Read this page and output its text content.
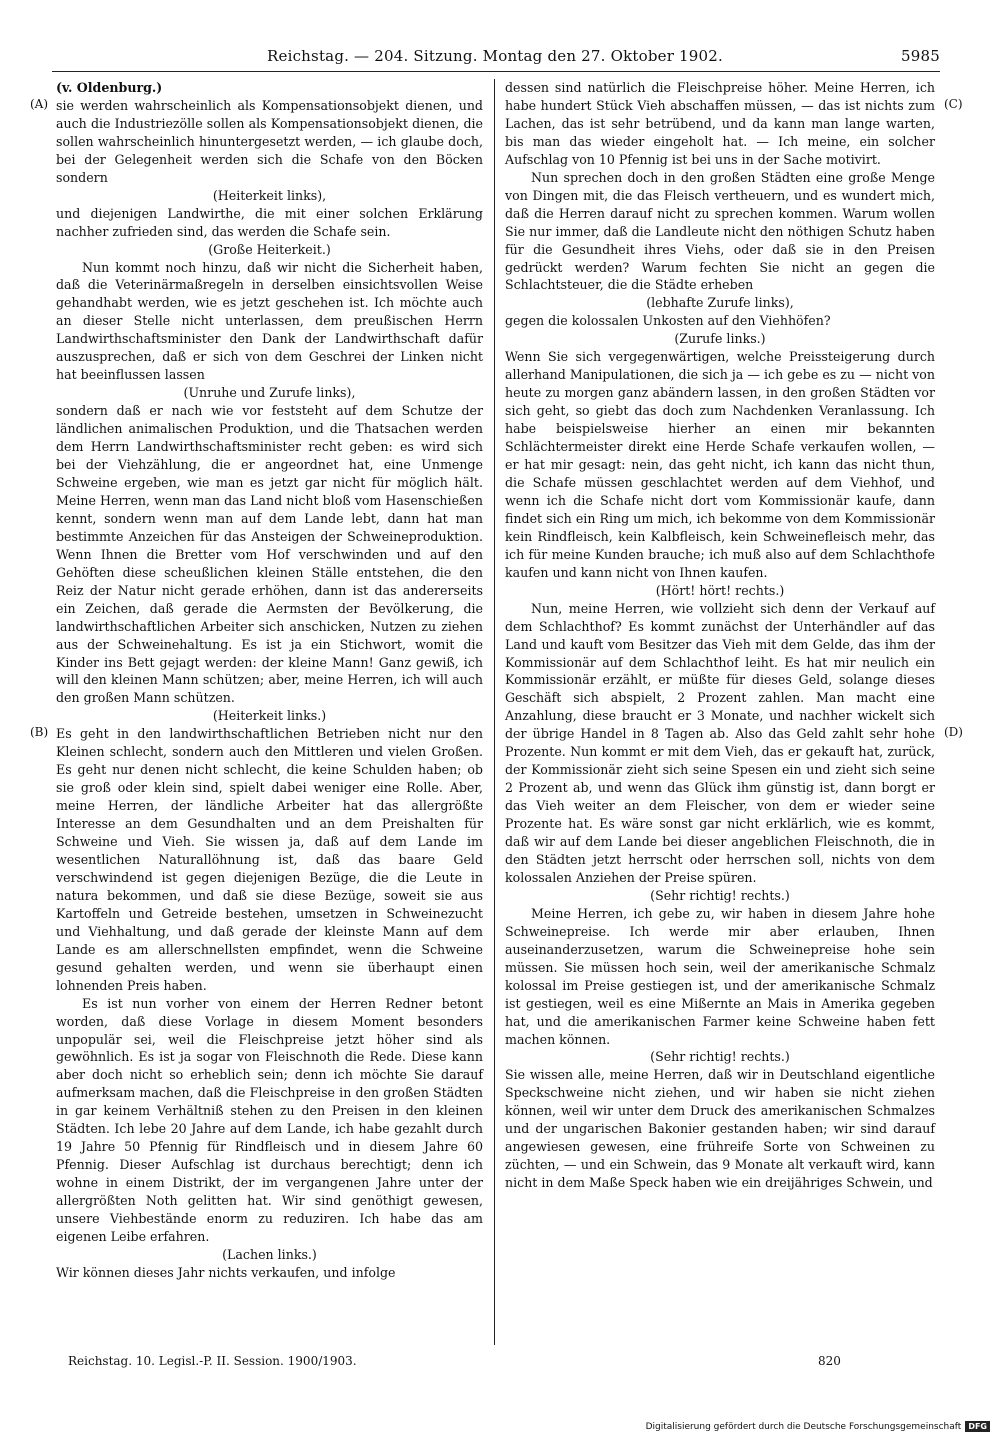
Reichstag. — 204. Sitzung. Montag den 27. Oktober 1902.	5985

(v. Oldenburg.)

sie werden wahrscheinlich als Kompensationsobjekt dienen, und auch die Industriezölle sollen als Kompensationsobjekt dienen, die sollen wahrscheinlich hinuntergesetzt werden, — ich glaube doch, bei der Gelegenheit werden sich die Schafe von den Böcken sondern

(Heiterkeit links),

und diejenigen Landwirthe, die mit einer solchen Erklärung nachher zufrieden sind, das werden die Schafe sein.

(Große Heiterkeit.)

Nun kommt noch hinzu, daß wir nicht die Sicherheit haben, daß die Veterinärmaßregeln in derselben einsichtsvollen Weise gehandhabt werden, wie es jetzt geschehen ist. Ich möchte auch an dieser Stelle nicht unterlassen, dem preußischen Herrn Landwirthschaftsminister den Dank der Landwirthschaft dafür auszusprechen, daß er sich von dem Geschrei der Linken nicht hat beeinflussen lassen

(Unruhe und Zurufe links),

sondern daß er nach wie vor feststeht auf dem Schutze der ländlichen animalischen Produktion, und die Thatsachen werden dem Herrn Landwirthschaftsminister recht geben: es wird sich bei der Viehzählung, die er angeordnet hat, eine Unmenge Schweine ergeben, wie man es jetzt gar nicht für möglich hält. Meine Herren, wenn man das Land nicht bloß vom Hasenschießen kennt, sondern wenn man auf dem Lande lebt, dann hat man bestimmte Anzeichen für das Ansteigen der Schweineproduktion. Wenn Ihnen die Bretter vom Hof verschwinden und auf den Gehöften diese scheußlichen kleinen Ställe entstehen, die den Reiz der Natur nicht gerade erhöhen, dann ist das andererseits ein Zeichen, daß gerade die Aermsten der Bevölkerung, die landwirthschaftlichen Arbeiter sich anschicken, Nutzen zu ziehen aus der Schweinehaltung. Es ist ja ein Stichwort, womit die Kinder ins Bett gejagt werden: der kleine Mann! Ganz gewiß, ich will den kleinen Mann schützen; aber, meine Herren, ich will auch den großen Mann schützen.

(Heiterkeit links.)

Es geht in den landwirthschaftlichen Betrieben nicht nur den Kleinen schlecht, sondern auch den Mittleren und vielen Großen. Es geht nur denen nicht schlecht, die keine Schulden haben; ob sie groß oder klein sind, spielt dabei weniger eine Rolle. Aber, meine Herren, der ländliche Arbeiter hat das allergrößte Interesse an dem Gesundhalten und an dem Preishalten für Schweine und Vieh. Sie wissen ja, daß auf dem Lande im wesentlichen Naturallöhnung ist, daß das baare Geld verschwindend ist gegen diejenigen Bezüge, die die Leute in natura bekommen, und daß sie diese Bezüge, soweit sie aus Kartoffeln und Getreide bestehen, umsetzen in Schweinezucht und Viehhaltung, und daß gerade der kleinste Mann auf dem Lande es am allerschnellsten empfindet, wenn die Schweine gesund gehalten werden, und wenn sie überhaupt einen lohnenden Preis haben.

Es ist nun vorher von einem der Herren Redner betont worden, daß diese Vorlage in diesem Moment besonders unpopulär sei, weil die Fleischpreise jetzt höher sind als gewöhnlich. Es ist ja sogar von Fleischnoth die Rede. Diese kann aber doch nicht so erheblich sein; denn ich möchte Sie darauf aufmerksam machen, daß die Fleischpreise in den großen Städten in gar keinem Verhältniß stehen zu den Preisen in den kleinen Städten. Ich lebe 20 Jahre auf dem Lande, ich habe gezahlt durch 19 Jahre 50 Pfennig für Rindfleisch und in diesem Jahre 60 Pfennig. Dieser Aufschlag ist durchaus berechtigt; denn ich wohne in einem Distrikt, der im vergangenen Jahre unter der allergrößten Noth gelitten hat. Wir sind genöthigt gewesen, unsere Viehbestände enorm zu reduziren. Ich habe das am eigenen Leibe erfahren.

(Lachen links.)

Wir können dieses Jahr nichts verkaufen, und infolge

dessen sind natürlich die Fleischpreise höher. Meine Herren, ich habe hundert Stück Vieh abschaffen müssen, — das ist nichts zum Lachen, das ist sehr betrübend, und da kann man lange warten, bis man das wieder eingeholt hat. — Ich meine, ein solcher Aufschlag von 10 Pfennig ist bei uns in der Sache motivirt.

Nun sprechen doch in den großen Städten eine große Menge von Dingen mit, die das Fleisch vertheuern, und es wundert mich, daß die Herren darauf nicht zu sprechen kommen. Warum wollen Sie nur immer, daß die Landleute nicht den nöthigen Schutz haben für die Gesundheit ihres Viehs, oder daß sie in den Preisen gedrückt werden? Warum fechten Sie nicht an gegen die Schlachtsteuer, die die Städte erheben

(lebhafte Zurufe links),

gegen die kolossalen Unkosten auf den Viehhöfen?

(Zurufe links.)

Wenn Sie sich vergegenwärtigen, welche Preissteigerung durch allerhand Manipulationen, die sich ja — ich gebe es zu — nicht von heute zu morgen ganz abändern lassen, in den großen Städten vor sich geht, so giebt das doch zum Nachdenken Veranlassung. Ich habe beispielsweise hierher an einen mir bekannten Schlächtermeister direkt eine Herde Schafe verkaufen wollen, — er hat mir gesagt: nein, das geht nicht, ich kann das nicht thun, die Schafe müssen geschlachtet werden auf dem Viehhof, und wenn ich die Schafe nicht dort vom Kommissionär kaufe, dann findet sich ein Ring um mich, ich bekomme von dem Kommissionär kein Rindfleisch, kein Kalbfleisch, kein Schweinefleisch mehr, das ich für meine Kunden brauche; ich muß also auf dem Schlachthofe kaufen und kann nicht von Ihnen kaufen.

(Hört! hört! rechts.)

Nun, meine Herren, wie vollzieht sich denn der Verkauf auf dem Schlachthof? Es kommt zunächst der Unterhändler auf das Land und kauft vom Besitzer das Vieh mit dem Gelde, das ihm der Kommissionär auf dem Schlachthof leiht. Es hat mir neulich ein Kommissionär erzählt, er müßte für dieses Geld, solange dieses Geschäft sich abspielt, 2 Prozent zahlen. Man macht eine Anzahlung, diese braucht er 3 Monate, und nachher wickelt sich der übrige Handel in 8 Tagen ab. Also das Geld zahlt sehr hohe Prozente. Nun kommt er mit dem Vieh, das er gekauft hat, zurück, der Kommissionär zieht sich seine Spesen ein und zieht sich seine 2 Prozent ab, und wenn das Glück ihm günstig ist, dann borgt er das Vieh weiter an dem Fleischer, von dem er wieder seine Prozente hat. Es wäre sonst gar nicht erklärlich, wie es kommt, daß wir auf dem Lande bei dieser angeblichen Fleischnoth, die in den Städten jetzt herrscht oder herrschen soll, nichts von dem kolossalen Anziehen der Preise spüren.

(Sehr richtig! rechts.)

Meine Herren, ich gebe zu, wir haben in diesem Jahre hohe Schweinepreise. Ich werde mir aber erlauben, Ihnen auseinanderzusetzen, warum die Schweinepreise hohe sein müssen. Sie müssen hoch sein, weil der amerikanische Schmalz kolossal im Preise gestiegen ist, und der amerikanische Schmalz ist gestiegen, weil es eine Mißernte an Mais in Amerika gegeben hat, und die amerikanischen Farmer keine Schweine haben fett machen können.

(Sehr richtig! rechts.)

Sie wissen alle, meine Herren, daß wir in Deutschland eigentliche Speckschweine nicht ziehen, und wir haben sie nicht ziehen können, weil wir unter dem Druck des amerikanischen Schmalzes und der ungarischen Bakonier gestanden haben; wir sind darauf angewiesen gewesen, eine frühreife Sorte von Schweinen zu züchten, — und ein Schwein, das 9 Monate alt verkauft wird, kann nicht in dem Maße Speck haben wie ein dreijähriges Schwein, und

(A)
(B)
(C)
(D)
Reichstag. 10. Legisl.-P. II. Session. 1900/1903.	820
Digitalisierung gefördert durch die Deutsche Forschungsgemeinschaft DFG
